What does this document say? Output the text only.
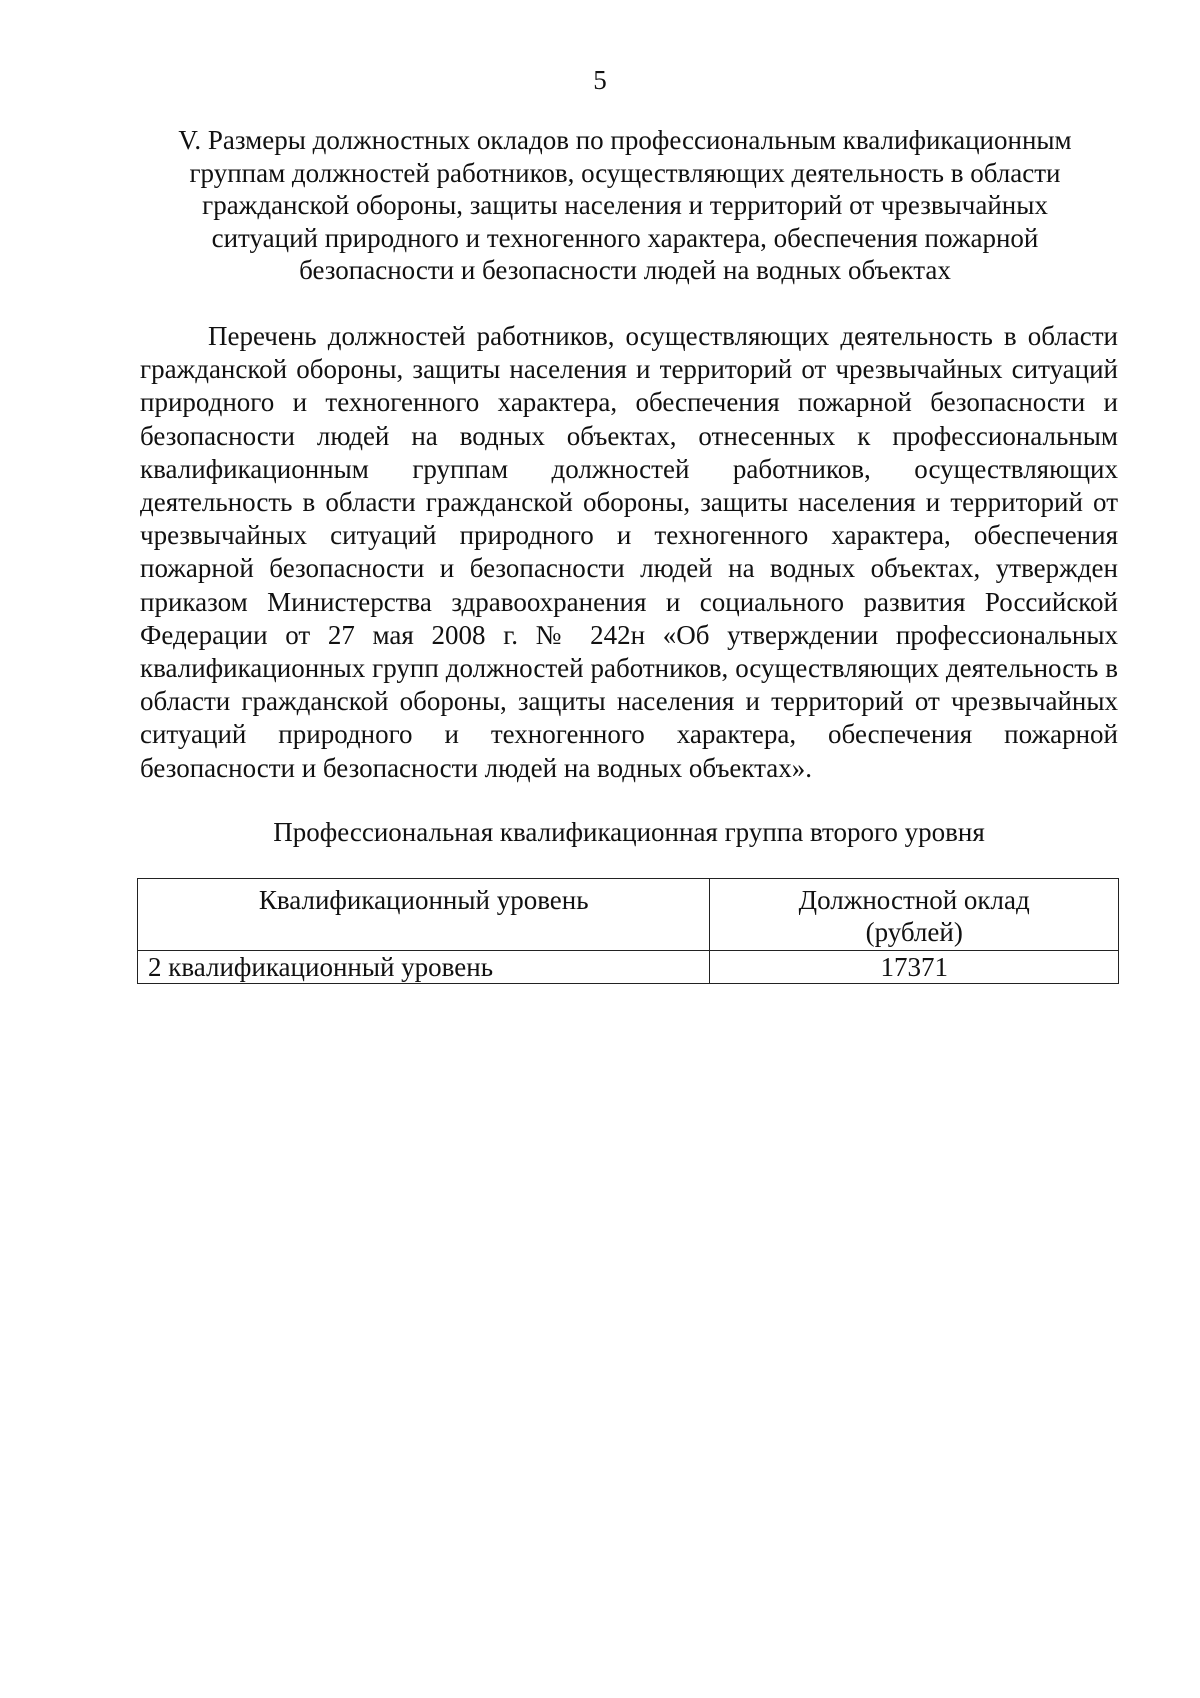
5
V. Размеры должностных окладов по профессиональным квалификационным
группам должностей работников, осуществляющих деятельность в области
гражданской обороны, защиты населения и территорий от чрезвычайных
ситуаций природного и техногенного характера, обеспечения пожарной
безопасности и безопасности людей на водных объектах

Перечень должностей работников, осуществляющих деятельность в области гражданской обороны, защиты населения и территорий от чрезвычайных ситуаций природного и техногенного характера, обеспечения пожарной безопасности и безопасности людей на водных объектах, отнесенных к профессиональным квалификационным группам должностей работников, осуществляющих деятельность в области гражданской обороны, защиты населения и территорий от чрезвычайных ситуаций природного и техногенного характера, обеспечения пожарной безопасности и безопасности людей на водных объектах, утвержден приказом Министерства здравоохранения и социального развития Российской Федерации от 27 мая 2008 г. № 242н «Об утверждении профессиональных квалификационных групп должностей работников, осуществляющих деятельность в области гражданской обороны, защиты населения и территорий от чрезвычайных ситуаций природного и техногенного характера, обеспечения пожарной безопасности и безопасности людей на водных объектах».

Профессиональная квалификационная группа второго уровня
Квалификационный уровень	Должностной оклад
(рублей)
2 квалификационный уровень	17371
